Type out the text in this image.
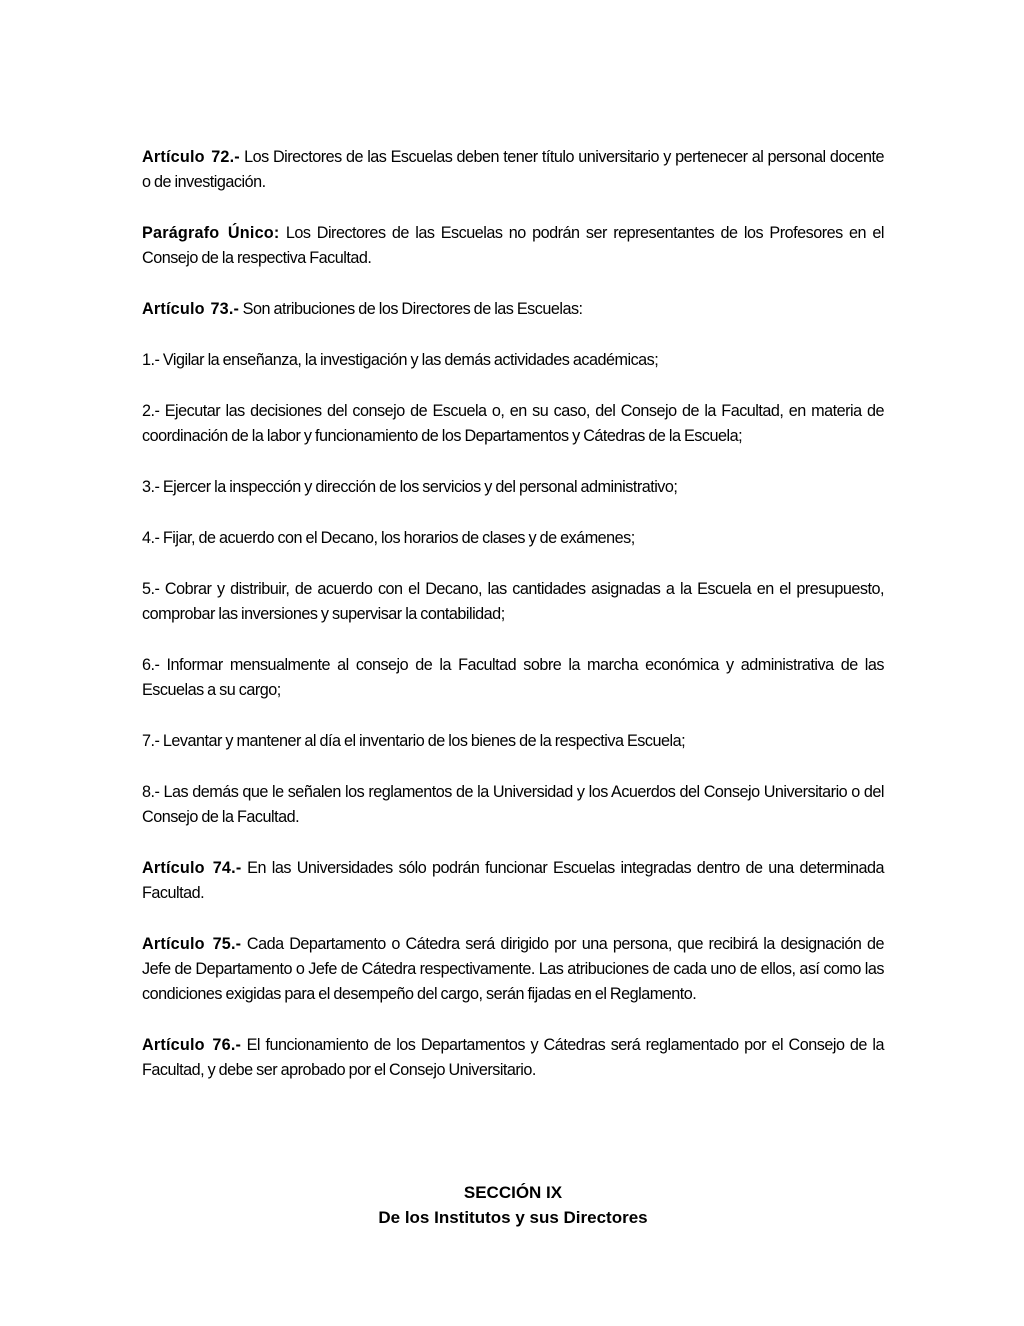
Artículo 72.- Los Directores de las Escuelas deben tener título universitario y pertenecer al personal docente o de investigación.

Parágrafo Único: Los Directores de las Escuelas no podrán ser representantes de los Profesores en el Consejo de la respectiva Facultad.

Artículo 73.- Son atribuciones de los Directores de las Escuelas:

1.- Vigilar la enseñanza, la investigación y las demás actividades académicas;

2.- Ejecutar las decisiones del consejo de Escuela o, en su caso, del Consejo de la Facultad, en materia de coordinación de la labor y funcionamiento de los Departamentos y Cátedras de la Escuela;

3.- Ejercer la inspección y dirección de los servicios y del personal administrativo;

4.- Fijar, de acuerdo con el Decano, los horarios de clases y de exámenes;

5.- Cobrar y distribuir, de acuerdo con el Decano, las cantidades asignadas a la Escuela en el presupuesto, comprobar las inversiones y supervisar la contabilidad;

6.- Informar mensualmente al consejo de la Facultad sobre la marcha económica y administrativa de las Escuelas a su cargo;

7.- Levantar y mantener al día el inventario de los bienes de la respectiva Escuela;

8.- Las demás que le señalen los reglamentos de la Universidad y los Acuerdos del Consejo Universitario o del Consejo de la Facultad.

Artículo 74.- En las Universidades sólo podrán funcionar Escuelas integradas dentro de una determinada Facultad.

Artículo 75.- Cada Departamento o Cátedra será dirigido por una persona, que recibirá la designación de Jefe de Departamento o Jefe de Cátedra respectivamente. Las atribuciones de cada uno de ellos, así como las condiciones exigidas para el desempeño del cargo, serán fijadas en el Reglamento.

Artículo 76.- El funcionamiento de los Departamentos y Cátedras será reglamentado por el Consejo de la Facultad, y debe ser aprobado por el Consejo Universitario.

SECCIÓN IX
De los Institutos y sus Directores
